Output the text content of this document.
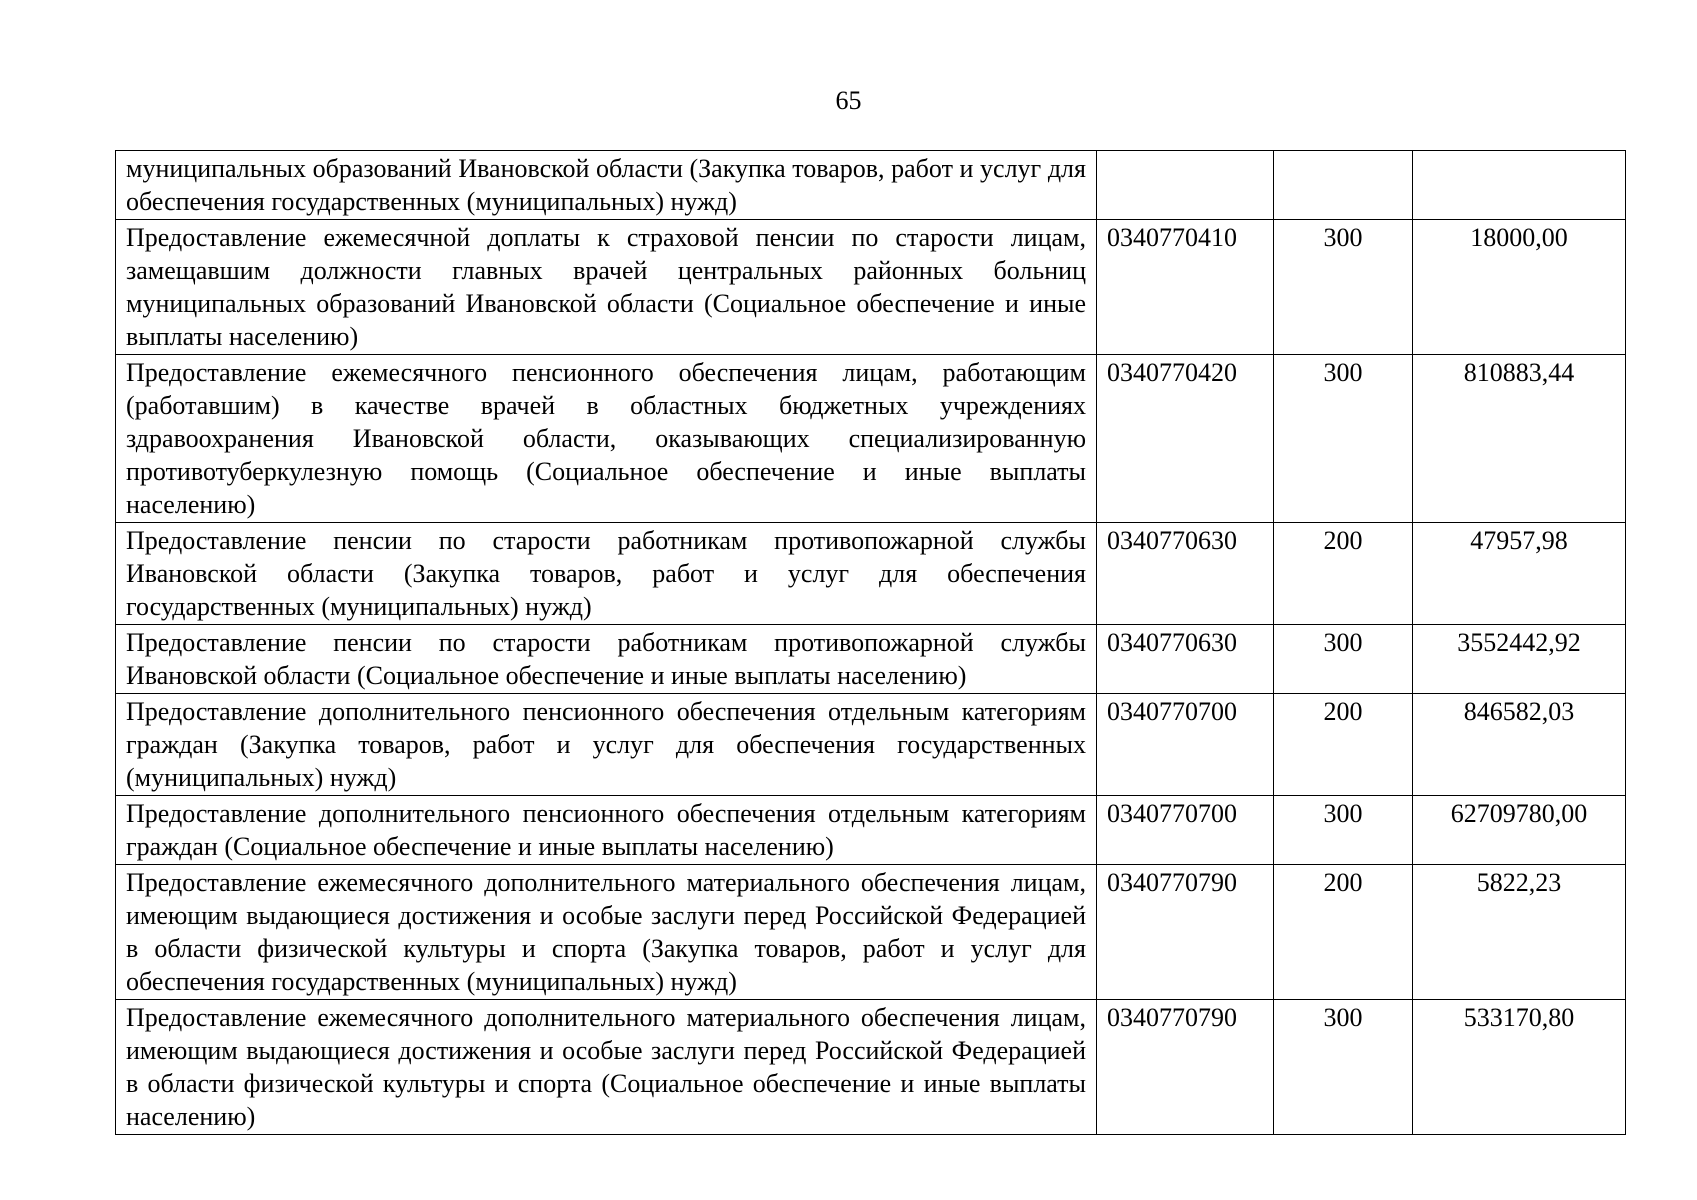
65
муниципальных образований Ивановской области (Закупка товаров, работ и услуг для обеспечения государственных (муниципальных) нужд)			
Предоставление ежемесячной доплаты к страховой пенсии по старости лицам, замещавшим должности главных врачей центральных районных больниц муниципальных образований Ивановской области (Социальное обеспечение и иные выплаты населению)	0340770410	300	18000,00
Предоставление ежемесячного пенсионного обеспечения лицам, работающим (работавшим) в качестве врачей в областных бюджетных учреждениях здравоохранения Ивановской области, оказывающих специализированную противотуберкулезную помощь (Социальное обеспечение и иные выплаты населению)	0340770420	300	810883,44
Предоставление пенсии по старости работникам противопожарной службы Ивановской области (Закупка товаров, работ и услуг для обеспечения государственных (муниципальных) нужд)	0340770630	200	47957,98
Предоставление пенсии по старости работникам противопожарной службы Ивановской области (Социальное обеспечение и иные выплаты населению)	0340770630	300	3552442,92
Предоставление дополнительного пенсионного обеспечения отдельным категориям граждан (Закупка товаров, работ и услуг для обеспечения государственных (муниципальных) нужд)	0340770700	200	846582,03
Предоставление дополнительного пенсионного обеспечения отдельным категориям граждан (Социальное обеспечение и иные выплаты населению)	0340770700	300	62709780,00
Предоставление ежемесячного дополнительного материального обеспечения лицам, имеющим выдающиеся достижения и особые заслуги перед Российской Федерацией в области физической культуры и спорта (Закупка товаров, работ и услуг для обеспечения государственных (муниципальных) нужд)	0340770790	200	5822,23
Предоставление ежемесячного дополнительного материального обеспечения лицам, имеющим выдающиеся достижения и особые заслуги перед Российской Федерацией в области физической культуры и спорта (Социальное обеспечение и иные выплаты населению)	0340770790	300	533170,80
